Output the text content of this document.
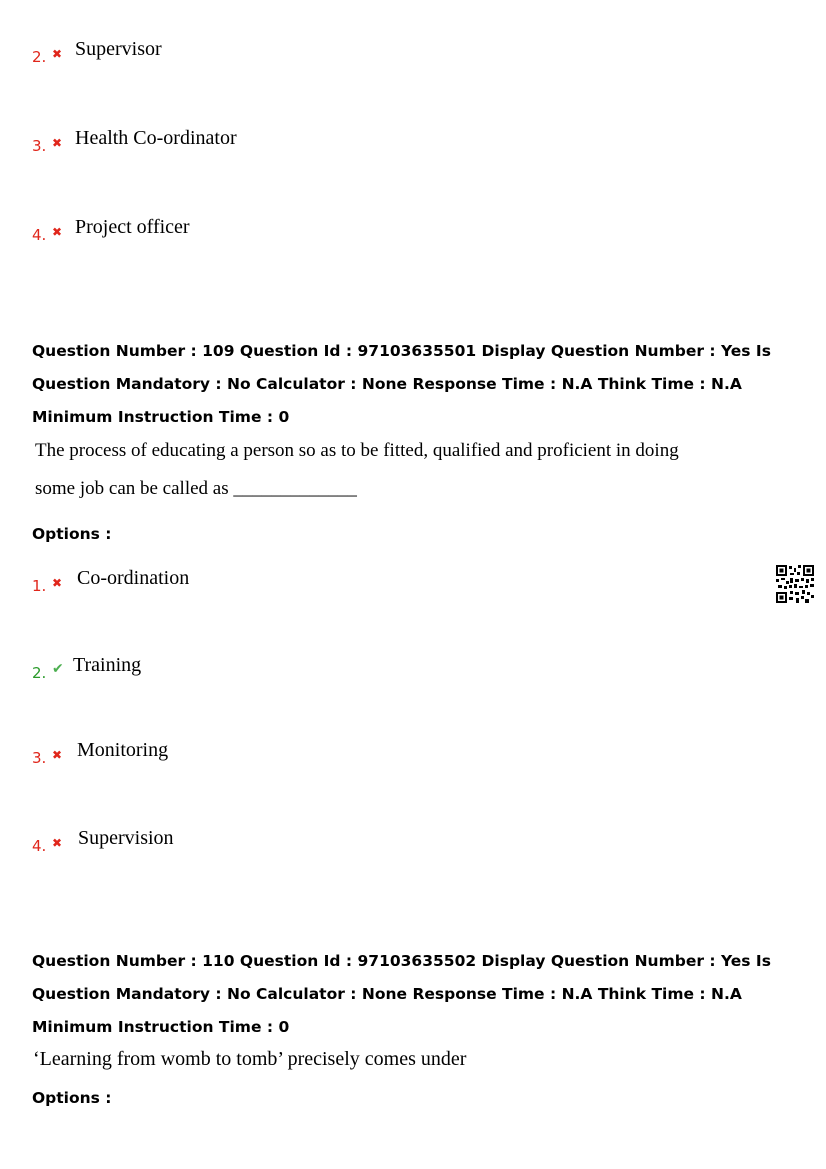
2. ✖ Supervisor
3. ✖ Health Co-ordinator
4. ✖ Project officer
Question Number : 109 Question Id : 97103635501 Display Question Number : Yes Is Question Mandatory : No Calculator : None Response Time : N.A Think Time : N.A Minimum Instruction Time : 0
The process of educating a person so as to be fitted, qualified and proficient in doing
some job can be called as _____________
Options :
1. ✖ Co-ordination
2. ✔ Training
3. ✖ Monitoring
4. ✖ Supervision
Question Number : 110 Question Id : 97103635502 Display Question Number : Yes Is Question Mandatory : No Calculator : None Response Time : N.A Think Time : N.A Minimum Instruction Time : 0
‘Learning from womb to tomb’ precisely comes under
Options :
